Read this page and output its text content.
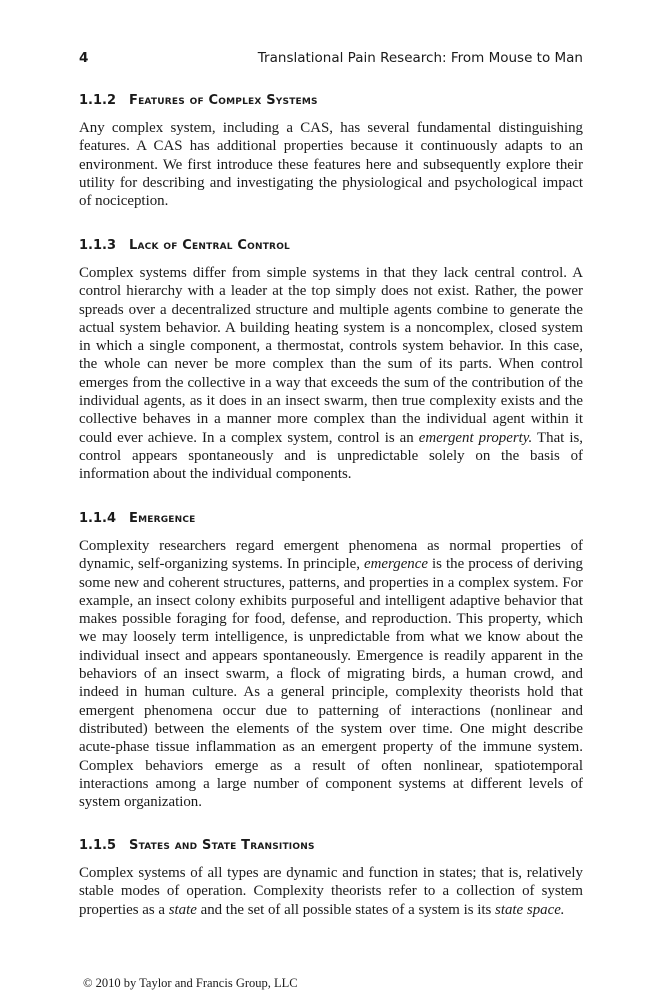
4	Translational Pain Research: From Mouse to Man
1.1.2 Features of Complex Systems

Any complex system, including a CAS, has several fundamental distinguishing features. A CAS has additional properties because it continuously adapts to an environment. We first introduce these features here and subsequently explore their utility for describing and investigating the physiological and psychological impact of nociception.

1.1.3 Lack of Central Control

Complex systems differ from simple systems in that they lack central control. A control hierarchy with a leader at the top simply does not exist. Rather, the power spreads over a decentralized structure and multiple agents combine to generate the actual system behavior. A building heating system is a noncomplex, closed system in which a single component, a thermostat, controls system behavior. In this case, the whole can never be more complex than the sum of its parts. When control emerges from the collective in a way that exceeds the sum of the contribution of the individual agents, as it does in an insect swarm, then true complexity exists and the collective behaves in a manner more complex than the individual agent within it could ever achieve. In a complex system, control is an emergent property. That is, control appears spontaneously and is unpredictable solely on the basis of information about the individual components.

1.1.4 Emergence

Complexity researchers regard emergent phenomena as normal properties of dynamic, self-organizing systems. In principle, emergence is the process of deriving some new and coherent structures, patterns, and properties in a complex system. For example, an insect colony exhibits purposeful and intelligent adaptive behavior that makes possible foraging for food, defense, and reproduction. This property, which we may loosely term intelligence, is unpredictable from what we know about the individual insect and appears spontaneously. Emergence is readily apparent in the behaviors of an insect swarm, a flock of migrating birds, a human crowd, and indeed in human culture. As a general principle, complexity theorists hold that emergent phenomena occur due to patterning of interactions (nonlinear and distributed) between the elements of the system over time. One might describe acute-phase tissue inflammation as an emergent property of the immune system. Complex behaviors emerge as a result of often nonlinear, spatiotemporal interactions among a large number of component systems at different levels of system organization.

1.1.5 States and State Transitions

Complex systems of all types are dynamic and function in states; that is, relatively stable modes of operation. Complexity theorists refer to a collection of system properties as a state and the set of all possible states of a system is its state space.

© 2010 by Taylor and Francis Group, LLC
